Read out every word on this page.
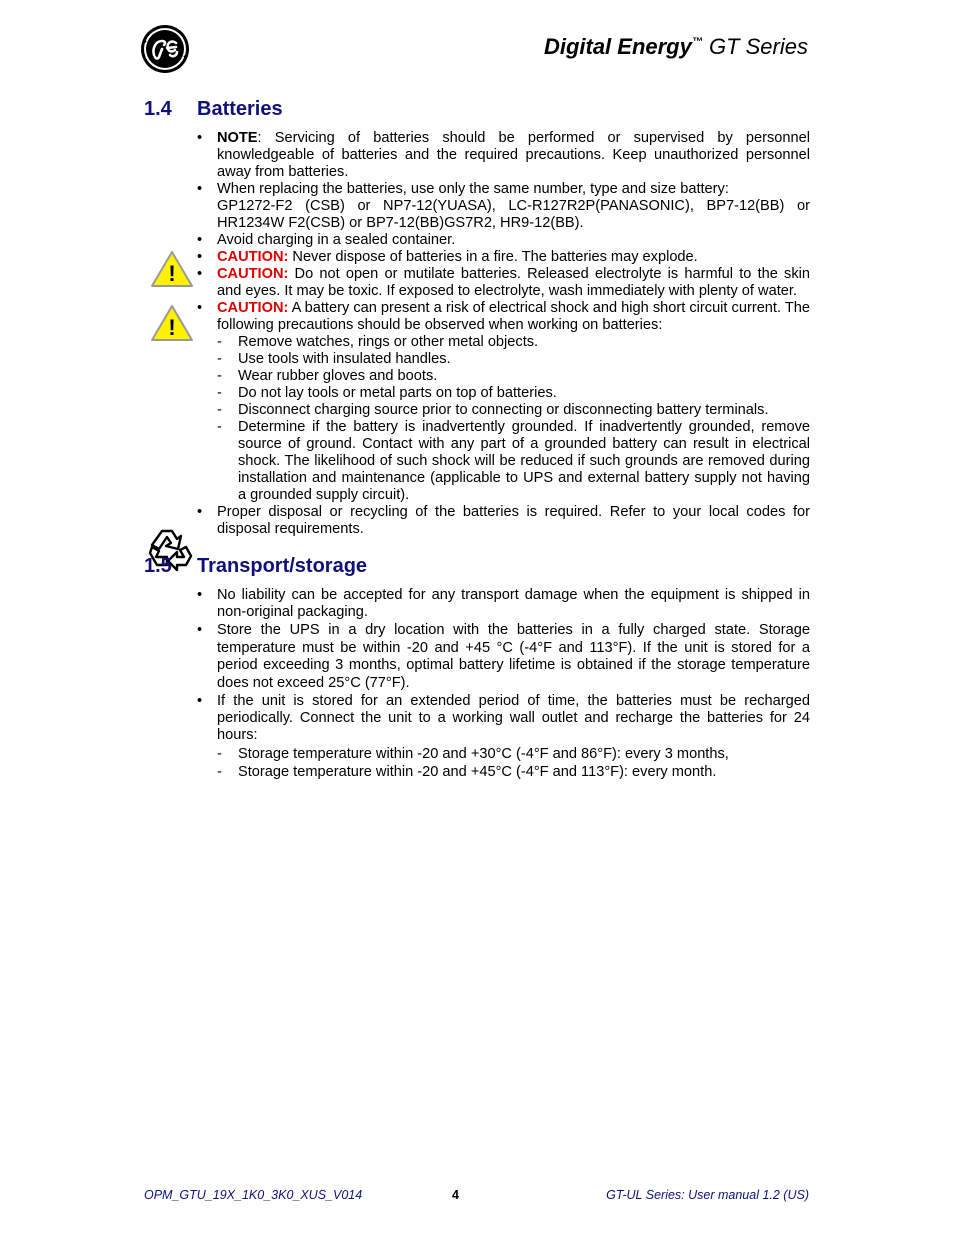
Digital Energy™ GT Series
!
!
1.4 Batteries
• NOTE: Servicing of batteries should be performed or supervised by personnel knowledgeable of batteries and the required precautions. Keep unauthorized personnel away from batteries.
• When replacing the batteries, use only the same number, type and size battery:
GP1272-F2 (CSB) or NP7-12(YUASA), LC-R127R2P(PANASONIC), BP7-12(BB) or HR1234W F2(CSB) or BP7-12(BB)GS7R2, HR9-12(BB).
• Avoid charging in a sealed container.
• CAUTION: Never dispose of batteries in a fire. The batteries may explode.
• CAUTION: Do not open or mutilate batteries. Released electrolyte is harmful to the skin and eyes. It may be toxic. If exposed to electrolyte, wash immediately with plenty of water.
• CAUTION: A battery can present a risk of electrical shock and high short circuit current. The following precautions should be observed when working on batteries:
- Remove watches, rings or other metal objects.
- Use tools with insulated handles.
- Wear rubber gloves and boots.
- Do not lay tools or metal parts on top of batteries.
- Disconnect charging source prior to connecting or disconnecting battery terminals.
- Determine if the battery is inadvertently grounded. If inadvertently grounded, remove source of ground. Contact with any part of a grounded battery can result in electrical shock. The likelihood of such shock will be reduced if such grounds are removed during installation and maintenance (applicable to UPS and external battery supply not having a grounded supply circuit).
• Proper disposal or recycling of the batteries is required. Refer to your local codes for disposal requirements.
1.5 Transport/storage
• No liability can be accepted for any transport damage when the equipment is shipped in non-original packaging.
• Store the UPS in a dry location with the batteries in a fully charged state. Storage temperature must be within -20 and +45 °C (-4°F and 113°F). If the unit is stored for a period exceeding 3 months, optimal battery lifetime is obtained if the storage temperature does not exceed 25°C (77°F).
• If the unit is stored for an extended period of time, the batteries must be recharged periodically. Connect the unit to a working wall outlet and recharge the batteries for 24 hours:
- Storage temperature within -20 and +30°C (-4°F and 86°F): every 3 months,
- Storage temperature within -20 and +45°C (-4°F and 113°F): every month.
OPM_GTU_19X_1K0_3K0_XUS_V014	4	GT-UL Series: User manual 1.2 (US)
